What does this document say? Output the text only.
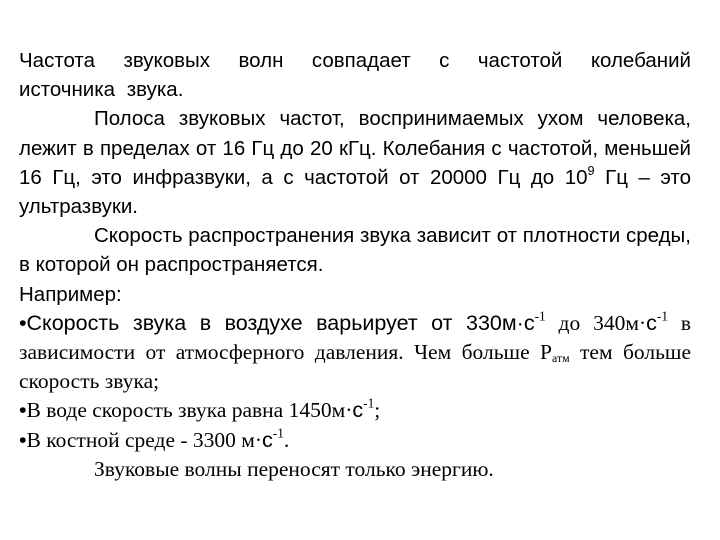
Частота звуковых волн совпадает с частотой колебаний источника звука.

Полоса звуковых частот, воспринимаемых ухом человека, лежит в пределах от 16 Гц до 20 кГц. Колебания с частотой, меньшей 16 Гц, это инфразвуки, а с частотой от 20000 Гц до $10^9$ Гц – это ультразвуки.

Скорость распространения звука зависит от плотности среды, в которой он распространяется.

Например:

•Скорость звука в воздухе варьирует от $330м\cdot с^{-1}$ до $340м\cdot с^{-1}$ в зависимости от атмосферного давления. Чем больше $P_{атм}$ тем больше скорость звука;

•В воде скорость звука равна $1450м\cdot с^{-1}$;

•В костной среде - 3300 $м\cdot с^{-1}$.

Звуковые волны переносят только энергию.
